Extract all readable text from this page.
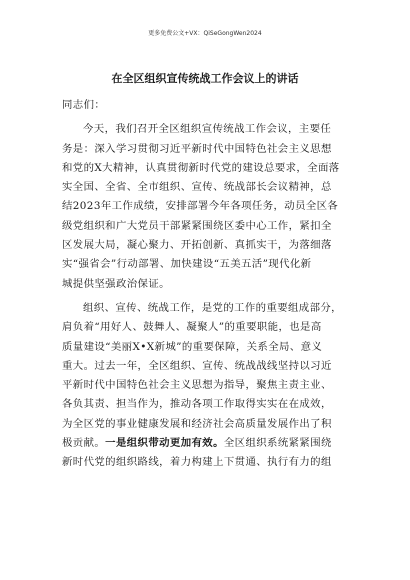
更多免费公文+VX：QiSeGongWen2024
在全区组织宣传统战工作会议上的讲话
同志们：
今天，我们召开全区组织宣传统战工作会议，主要任
务是：深入学习贯彻习近平新时代中国特色社会主义思想
和党的X大精神，认真贯彻新时代党的建设总要求，全面落
实全国、全省、全市组织、宣传、统战部长会议精神，总
结2023年工作成绩，安排部署今年各项任务，动员全区各
级党组织和广大党员干部紧紧围绕区委中心工作，紧扣全
区发展大局，凝心聚力、开拓创新、真抓实干，为落细落
实“强省会”行动部署、加快建设“五美五活”现代化新
城提供坚强政治保证。
组织、宣传、统战工作，是党的工作的重要组成部分，
肩负着“用好人、鼓舞人、凝聚人”的重要职能，也是高
质量建设“美丽X•X新城”的重要保障，关系全局、意义
重大。过去一年，全区组织、宣传、统战战线坚持以习近
平新时代中国特色社会主义思想为指导，聚焦主责主业、
各负其责、担当作为，推动各项工作取得实实在在成效，
为全区党的事业健康发展和经济社会高质量发展作出了积
极贡献。一是组织带动更加有效。全区组织系统紧紧围绕
新时代党的组织路线，着力构建上下贯通、执行有力的组
